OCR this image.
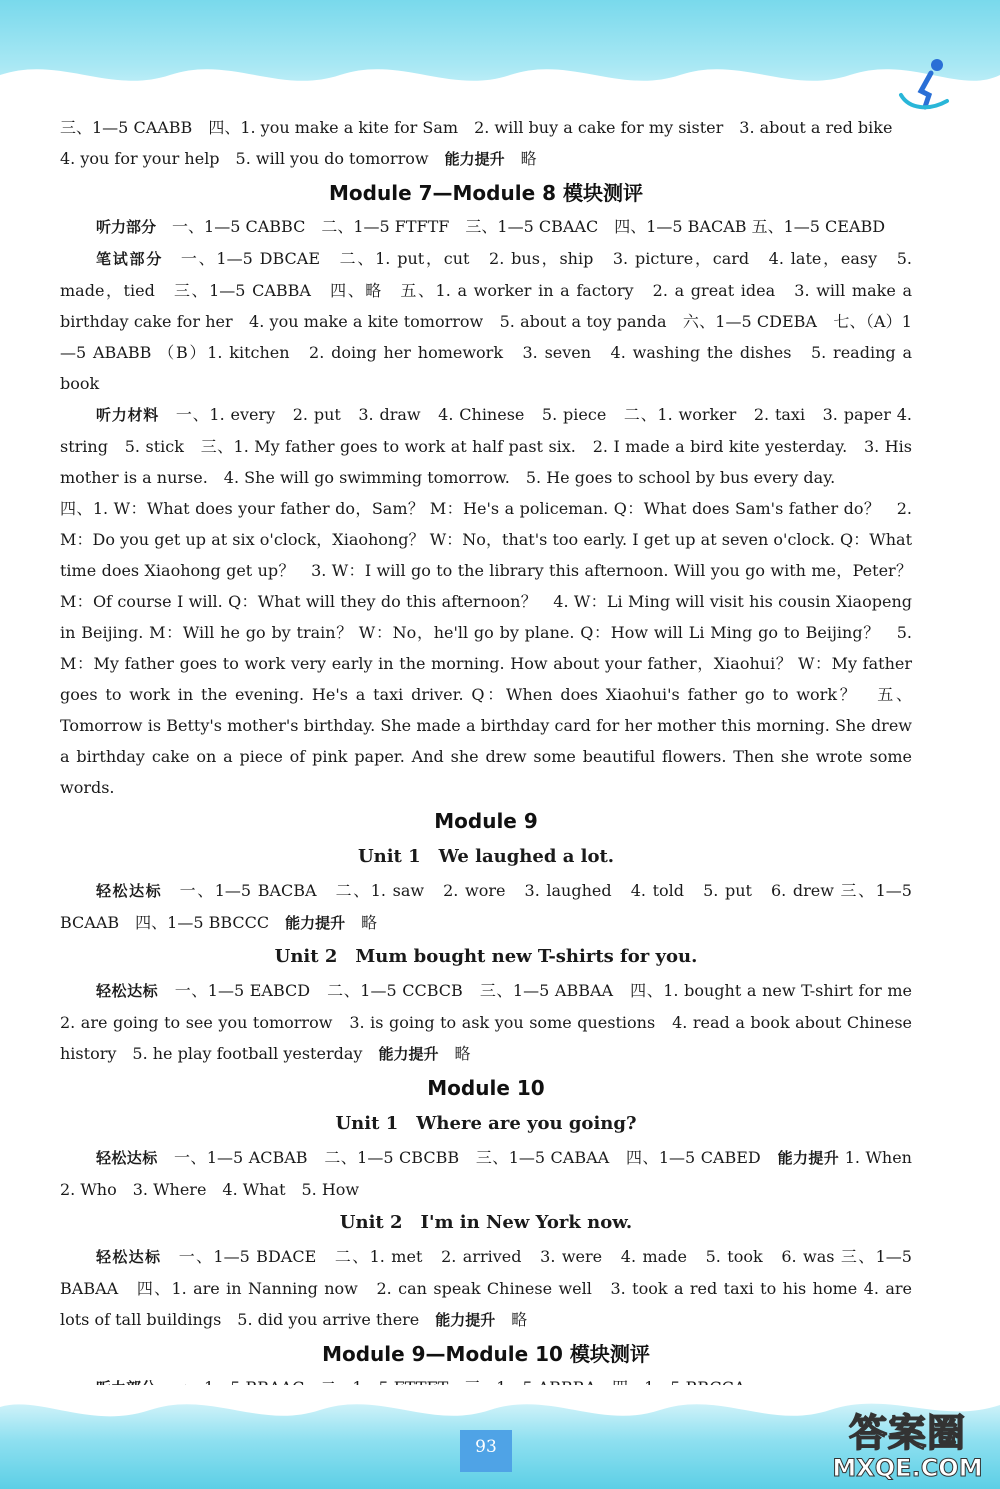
三、1—5 CAABB　四、1. you make a kite for Sam　2. will buy a cake for my sister　3. about a red bike
4. you for your help　5. will you do tomorrow　能力提升　略

Module 7—Module 8 模块测评

听力部分　一、1—5 CABBC　二、1—5 FTFTF　三、1—5 CBAAC　四、1—5 BACAB 五、1—5 CEABD

笔试部分　一、1—5 DBCAE　二、1. put，cut　2. bus，ship　3. picture，card　4. late，easy　5. made，tied　三、1—5 CABBA　四、略　五、1. a worker in a factory　2. a great idea　3. will make a birthday cake for her　4. you make a kite tomorrow　5. about a toy panda　六、1—5 CDEBA　七、（A）1—5 ABABB （B）1. kitchen　2. doing her homework　3. seven　4. washing the dishes　5. reading a book

听力材料　一、1. every　2. put　3. draw　4. Chinese　5. piece　二、1. worker　2. taxi　3. paper 4. string　5. stick　三、1. My father goes to work at half past six.　2. I made a bird kite yesterday.　3. His mother is a nurse.　4. She will go swimming tomorrow.　5. He goes to school by bus every day.

四、1. W：What does your father do，Sam？ M：He's a policeman. Q：What does Sam's father do？　2. M：Do you get up at six o'clock，Xiaohong？ W：No，that's too early. I get up at seven o'clock. Q：What time does Xiaohong get up？　3. W：I will go to the library this afternoon. Will you go with me，Peter？ M：Of course I will. Q：What will they do this afternoon？　4. W：Li Ming will visit his cousin Xiaopeng in Beijing. M：Will he go by train？ W：No，he'll go by plane. Q：How will Li Ming go to Beijing？　5. M：My father goes to work very early in the morning. How about your father，Xiaohui？ W：My father goes to work in the evening. He's a taxi driver. Q：When does Xiaohui's father go to work？　五、Tomorrow is Betty's mother's birthday. She made a birthday card for her mother this morning. She drew a birthday cake on a piece of pink paper. And she drew some beautiful flowers. Then she wrote some words.

Module 9
Unit 1　We laughed a lot.

轻松达标　一、1—5 BACBA　二、1. saw　2. wore　3. laughed　4. told　5. put　6. drew 三、1—5 BCAAB　四、1—5 BBCCC　能力提升　略

Unit 2　Mum bought new T-shirts for you.

轻松达标　一、1—5 EABCD　二、1—5 CCBCB　三、1—5 ABBAA　四、1. bought a new T-shirt for me　2. are going to see you tomorrow　3. is going to ask you some questions　4. read a book about Chinese history　5. he play football yesterday　能力提升　略

Module 10
Unit 1　Where are you going?

轻松达标　一、1—5 ACBAB　二、1—5 CBCBB　三、1—5 CABAA　四、1—5 CABED　能力提升 1. When　2. Who　3. Where　4. What　5. How

Unit 2　I'm in New York now.

轻松达标　一、1—5 BDACE　二、1. met　2. arrived　3. were　4. made　5. took　6. was 三、1—5 BABAA　四、1. are in Nanning now　2. can speak Chinese well　3. took a red taxi to his home 4. are lots of tall buildings　5. did you arrive there　能力提升　略

Module 9—Module 10 模块测评

93	答案圈
MXQE.COM
